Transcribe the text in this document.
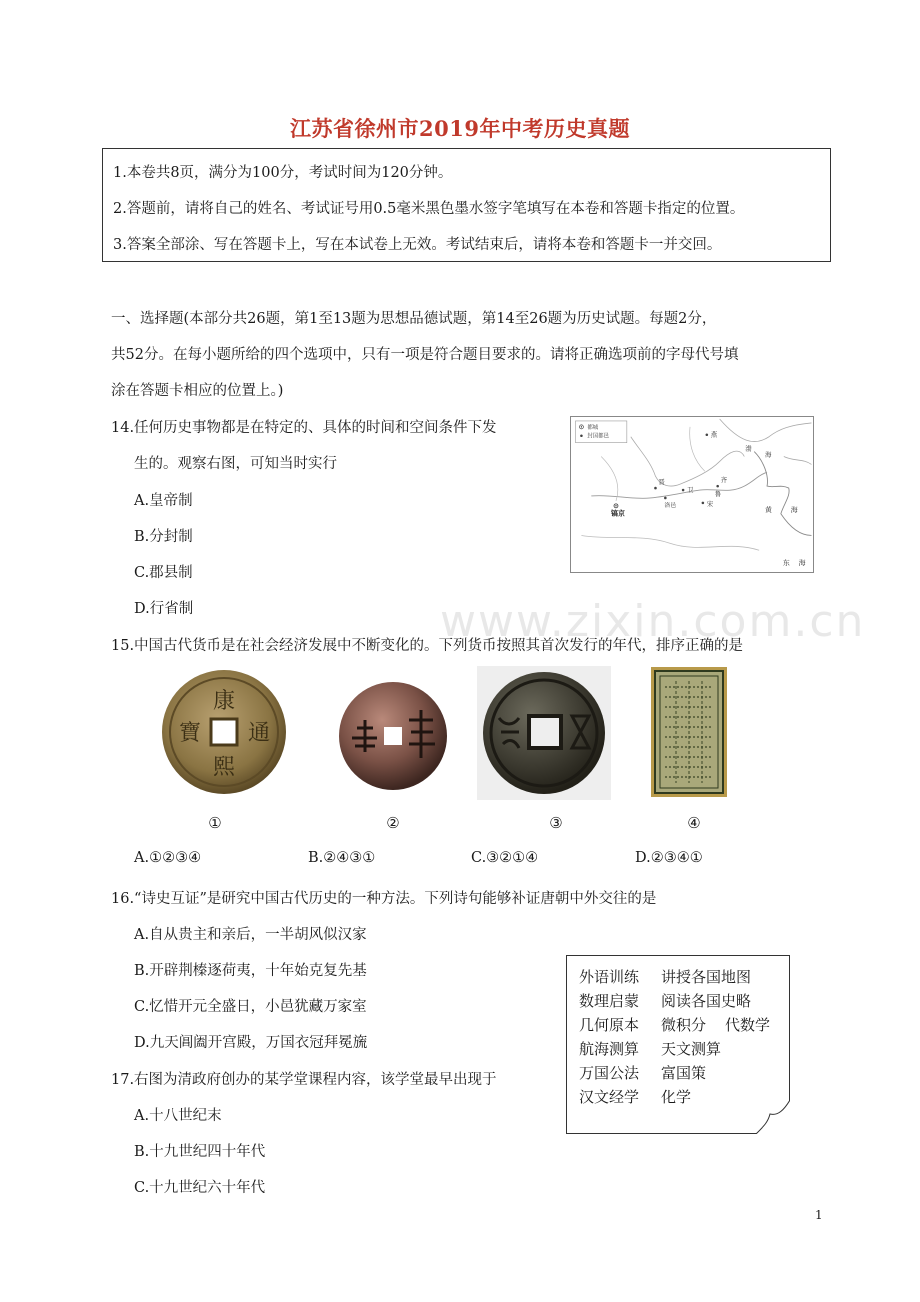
江苏省徐州市2019年中考历史真题
1.本卷共8页，满分为100分，考试时间为120分钟。
2.答题前，请将自己的姓名、考试证号用0.5毫米黑色墨水签字笔填写在本卷和答题卡指定的位置。
3.答案全部涂、写在答题卡上，写在本试卷上无效。考试结束后，请将本卷和答题卡一并交回。
一、选择题(本部分共26题，第1至13题为思想品德试题，第14至26题为历史试题。每题2分，
共52分。在每小题所给的四个选项中，只有一项是符合题目要求的。请将正确选项前的字母代号填
涂在答题卡相应的位置上。)
14.任何历史事物都是在特定的、具体的时间和空间条件下发
生的。观察右图，可知当时实行
A.皇帝制
B.分封制
C.郡县制
D.行省制
都城
封国都邑	燕
渤
海
晋
卫
齐
鲁
宋
洛邑
镐京	黄	海
东 海
www.zixin.com.cn
15.中国古代货币是在社会经济发展中不断变化的。下列货币按照其首次发行的年代，排序正确的是
康
熙
通
寶
①	②	③	④
A.①②③④	B.②④③①	C.③②①④	D.②③④①
16.“诗史互证”是研究中国古代历史的一种方法。下列诗句能够补证唐朝中外交往的是
A.自从贵主和亲后，一半胡风似汉家
B.开辟荆榛逐荷夷，十年始克复先基
C.忆惜开元全盛日，小邑犹藏万家室
D.九天阊阖开宫殿，万国衣冠拜冕旒
外语训练 讲授各国地图
数理启蒙 阅读各国史略
几何原本 微积分 代数学
航海测算 天文测算
万国公法 富国策
汉文经学 化学
17.右图为清政府创办的某学堂课程内容，该学堂最早出现于
A.十八世纪末
B.十九世纪四十年代
C.十九世纪六十年代
1
